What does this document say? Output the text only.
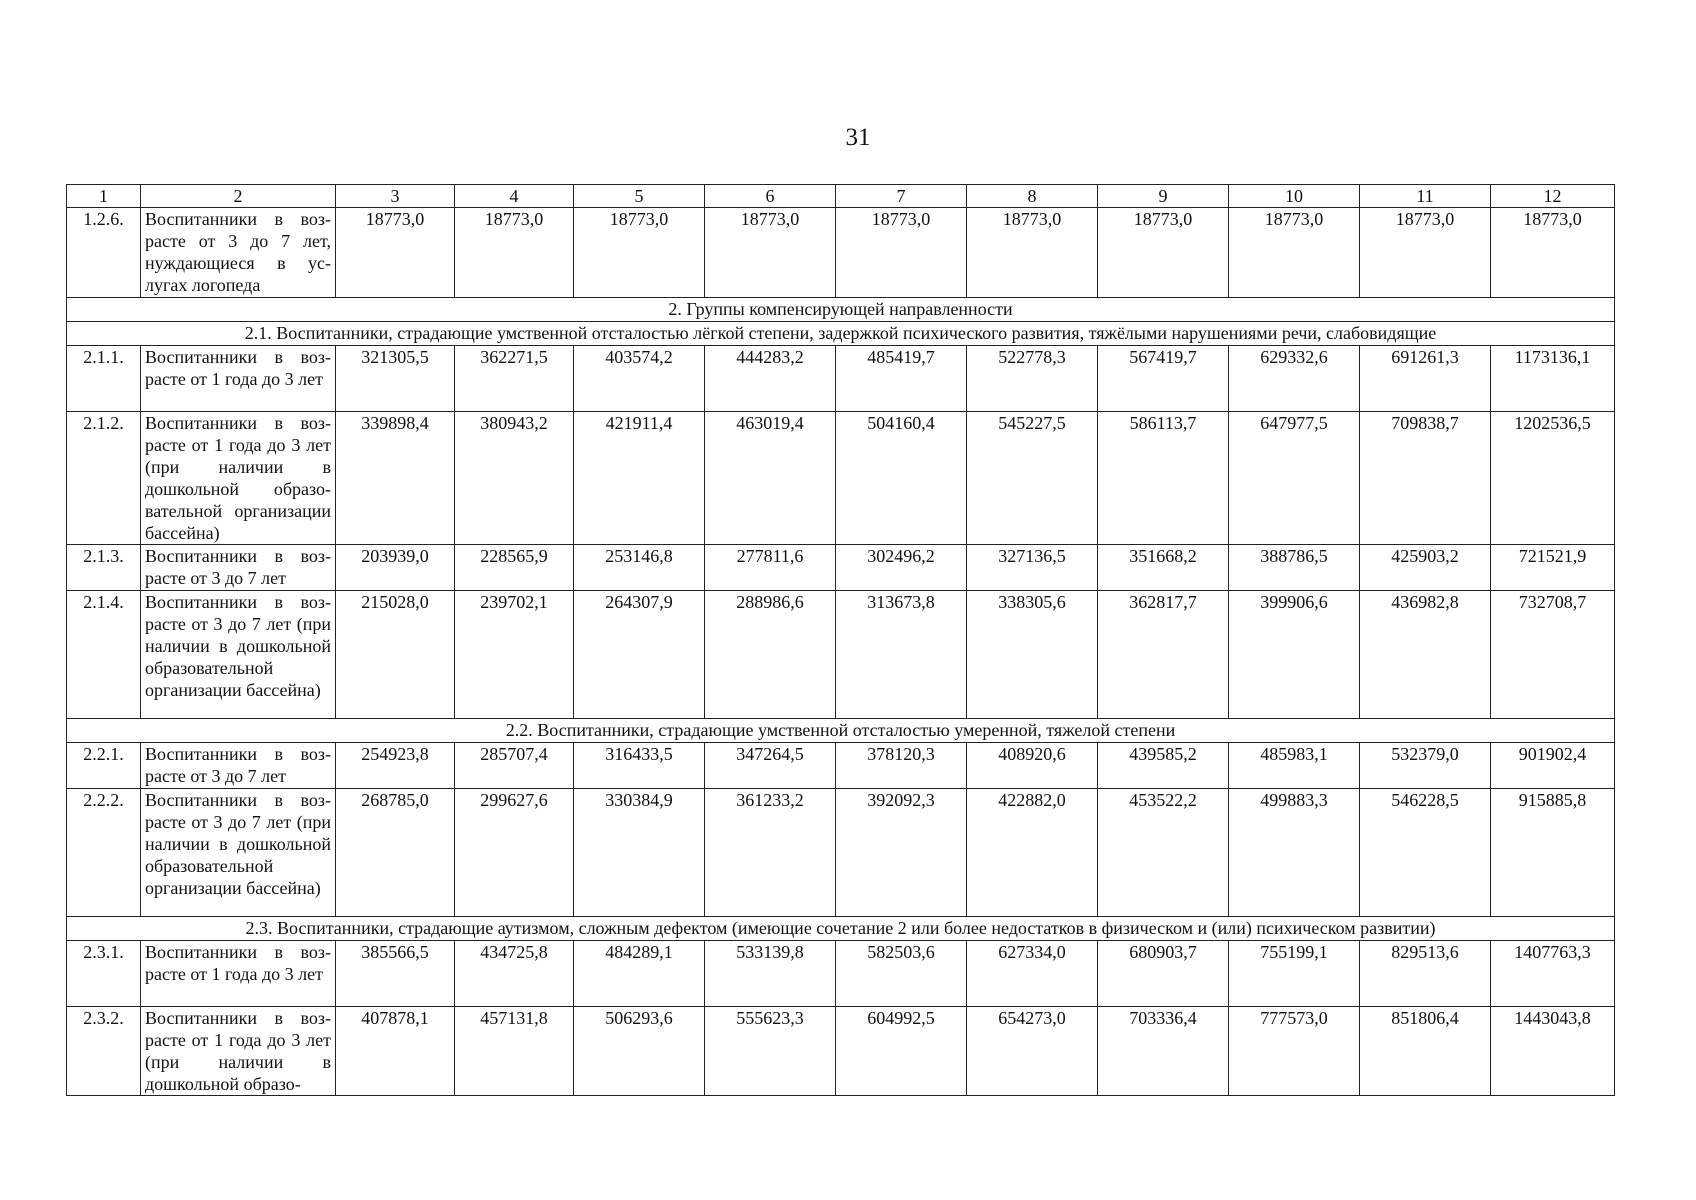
31
1	2	3	4	5	6	7	8	9	10	11	12
1.2.6.	Воспитанники в возрасте от 3 до 7 лет, нуждающиеся в услугах логопеда	18773,0	18773,0	18773,0	18773,0	18773,0	18773,0	18773,0	18773,0	18773,0	18773,0
2. Группы компенсирующей направленности											
2.1. Воспитанники, страдающие умственной отсталостью лёгкой степени, задержкой психического развития, тяжёлыми нарушениями речи, слабовидящие											
2.1.1.	Воспитанники в возрасте от 1 года до 3 лет	321305,5	362271,5	403574,2	444283,2	485419,7	522778,3	567419,7	629332,6	691261,3	1173136,1
2.1.2.	Воспитанники в возрасте от 1 года до 3 лет (при наличии в дошкольной образовательной организации бассейна)	339898,4	380943,2	421911,4	463019,4	504160,4	545227,5	586113,7	647977,5	709838,7	1202536,5
2.1.3.	Воспитанники в возрасте от 3 до 7 лет	203939,0	228565,9	253146,8	277811,6	302496,2	327136,5	351668,2	388786,5	425903,2	721521,9
2.1.4.	Воспитанники в возрасте от 3 до 7 лет (при наличии в дошкольной образовательной организации бассейна)	215028,0	239702,1	264307,9	288986,6	313673,8	338305,6	362817,7	399906,6	436982,8	732708,7
2.2. Воспитанники, страдающие умственной отсталостью умеренной, тяжелой степени											
2.2.1.	Воспитанники в возрасте от 3 до 7 лет	254923,8	285707,4	316433,5	347264,5	378120,3	408920,6	439585,2	485983,1	532379,0	901902,4
2.2.2.	Воспитанники в возрасте от 3 до 7 лет (при наличии в дошкольной образовательной организации бассейна)	268785,0	299627,6	330384,9	361233,2	392092,3	422882,0	453522,2	499883,3	546228,5	915885,8
2.3. Воспитанники, страдающие аутизмом, сложным дефектом (имеющие сочетание 2 или более недостатков в физическом и (или) психическом развитии)											
2.3.1.	Воспитанники в возрасте от 1 года до 3 лет	385566,5	434725,8	484289,1	533139,8	582503,6	627334,0	680903,7	755199,1	829513,6	1407763,3
2.3.2.	Воспитанники в возрасте от 1 года до 3 лет (при наличии в дошкольной образо-	407878,1	457131,8	506293,6	555623,3	604992,5	654273,0	703336,4	777573,0	851806,4	1443043,8
